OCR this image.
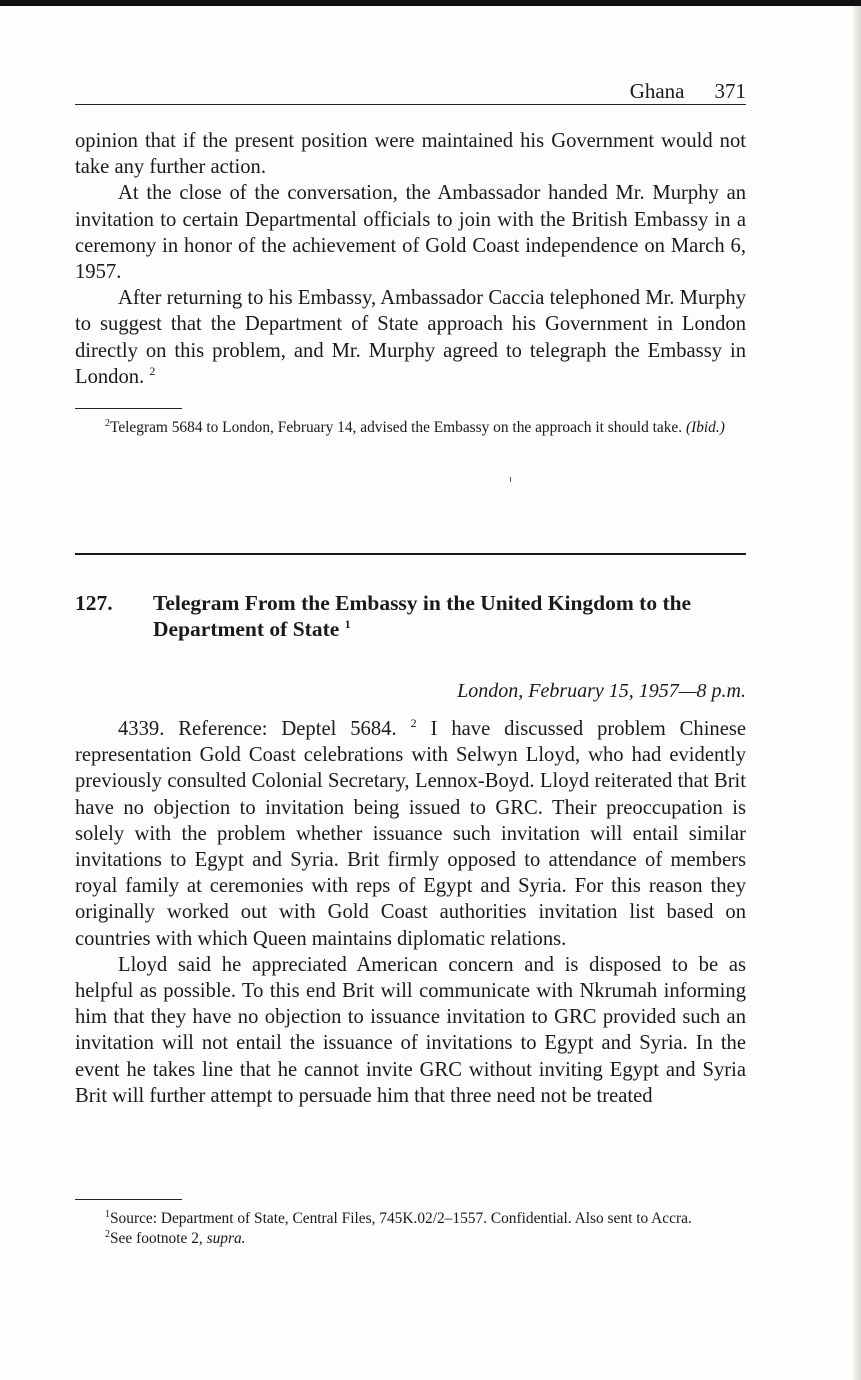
Ghana 371

opinion that if the present position were maintained his Government would not take any further action.

At the close of the conversation, the Ambassador handed Mr. Murphy an invitation to certain Departmental officials to join with the British Embassy in a ceremony in honor of the achievement of Gold Coast independence on March 6, 1957.

After returning to his Embassy, Ambassador Caccia telephoned Mr. Murphy to suggest that the Department of State approach his Government in London directly on this problem, and Mr. Murphy agreed to telegraph the Embassy in London. $^2$

$^2$Telegram 5684 to London, February 14, advised the Embassy on the approach it should take. (Ibid.)

127. Telegram From the Embassy in the United Kingdom to the Department of State $^1$
London, February 15, 1957—8 p.m.

4339. Reference: Deptel 5684. $^2$ I have discussed problem Chinese representation Gold Coast celebrations with Selwyn Lloyd, who had evidently previously consulted Colonial Secretary, Lennox-Boyd. Lloyd reiterated that Brit have no objection to invitation being issued to GRC. Their preoccupation is solely with the problem whether issuance such invitation will entail similar invitations to Egypt and Syria. Brit firmly opposed to attendance of members royal family at ceremonies with reps of Egypt and Syria. For this reason they originally worked out with Gold Coast authorities invitation list based on countries with which Queen maintains diplomatic relations.

Lloyd said he appreciated American concern and is disposed to be as helpful as possible. To this end Brit will communicate with Nkrumah informing him that they have no objection to issuance invitation to GRC provided such an invitation will not entail the issuance of invitations to Egypt and Syria. In the event he takes line that he cannot invite GRC without inviting Egypt and Syria Brit will further attempt to persuade him that three need not be treated

$^1$Source: Department of State, Central Files, 745K.02/2–1557. Confidential. Also sent to Accra.

$^2$See footnote 2, supra.
